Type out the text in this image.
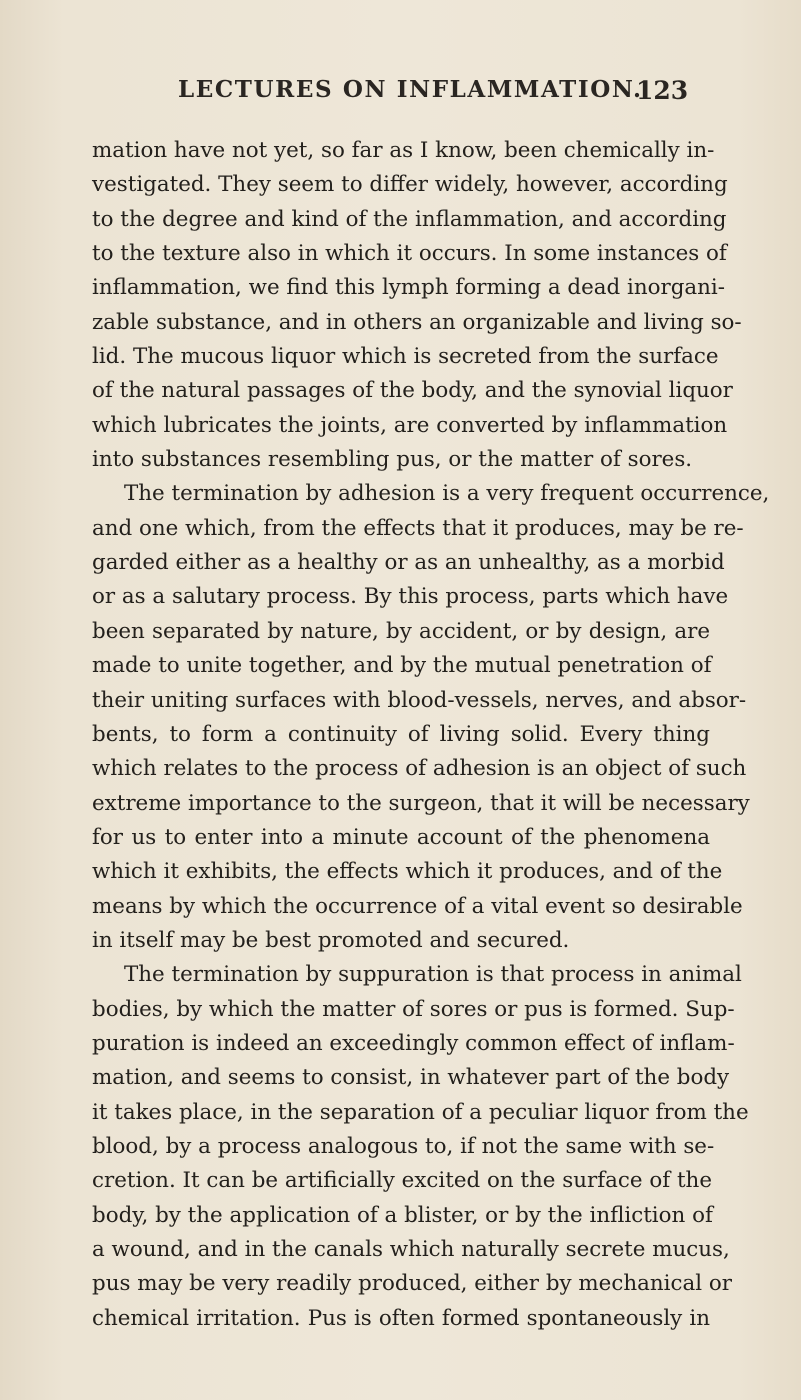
LECTURES ON INFLAMMATION.
123
mation have not yet, so far as I know, been chemically in-
vestigated. They seem to differ widely, however, according
to the degree and kind of the inflammation, and according
to the texture also in which it occurs. In some instances of
inflammation, we find this lymph forming a dead inorgani-
zable substance, and in others an organizable and living so-
lid. The mucous liquor which is secreted from the surface
of the natural passages of the body, and the synovial liquor
which lubricates the joints, are converted by inflammation
into substances resembling pus, or the matter of sores.
The termination by adhesion is a very frequent occurrence,
and one which, from the effects that it produces, may be re-
garded either as a healthy or as an unhealthy, as a morbid
or as a salutary process. By this process, parts which have
been separated by nature, by accident, or by design, are
made to unite together, and by the mutual penetration of
their uniting surfaces with blood-vessels, nerves, and absor-
bents, to form a continuity of living solid. Every thing
which relates to the process of adhesion is an object of such
extreme importance to the surgeon, that it will be necessary
for us to enter into a minute account of the phenomena
which it exhibits, the effects which it produces, and of the
means by which the occurrence of a vital event so desirable
in itself may be best promoted and secured.
The termination by suppuration is that process in animal
bodies, by which the matter of sores or pus is formed. Sup-
puration is indeed an exceedingly common effect of inflam-
mation, and seems to consist, in whatever part of the body
it takes place, in the separation of a peculiar liquor from the
blood, by a process analogous to, if not the same with se-
cretion. It can be artificially excited on the surface of the
body, by the application of a blister, or by the infliction of
a wound, and in the canals which naturally secrete mucus,
pus may be very readily produced, either by mechanical or
chemical irritation. Pus is often formed spontaneously in
